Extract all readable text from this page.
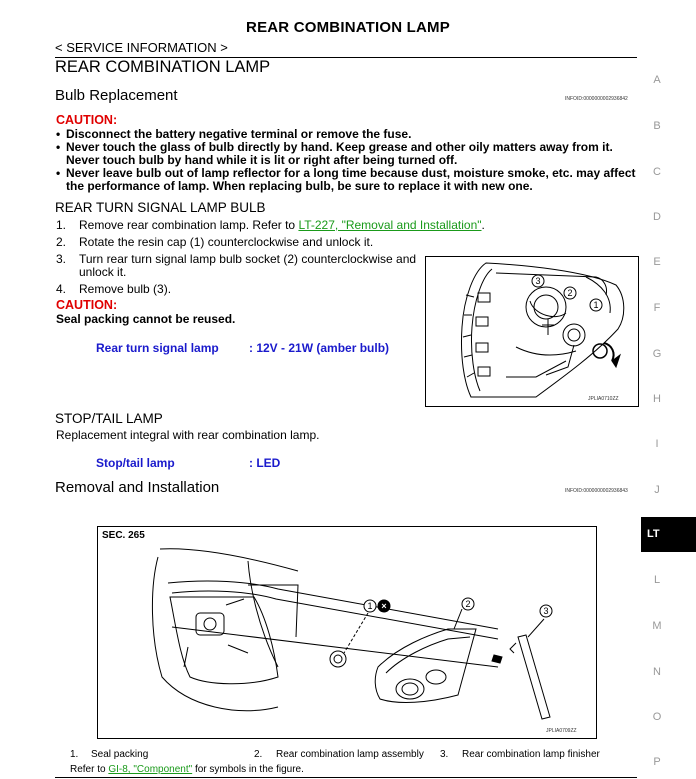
REAR COMBINATION LAMP
< SERVICE INFORMATION >
REAR COMBINATION LAMP
Bulb Replacement	INFOID:0000000002936842
CAUTION:
• Disconnect the battery negative terminal or remove the fuse.
• Never touch the glass of bulb directly by hand. Keep grease and other oily matters away from it.
Never touch bulb by hand while it is lit or right after being turned off.
• Never leave bulb out of lamp reflector for a long time because dust, moisture smoke, etc. may affect
the performance of lamp. When replacing bulb, be sure to replace it with new one.
REAR TURN SIGNAL LAMP BULB
1. Remove rear combination lamp. Refer to LT-227, "Removal and Installation".
2. Rotate the resin cap (1) counterclockwise and unlock it.
3. Turn rear turn signal lamp bulb socket (2) counterclockwise and
unlock it.
4. Remove bulb (3).
CAUTION:
Seal packing cannot be reused.
Rear turn signal lamp	: 12V - 21W (amber bulb)
3
2
1
JPLIA0710ZZ
STOP/TAIL LAMP
Replacement integral with rear combination lamp.
Stop/tail lamp	: LED
Removal and Installation	INFOID:0000000002936843
SEC. 265
1 ×	2
3
JPLIA0709ZZ
1. Seal packing	2. Rear combination lamp assembly 3. Rear combination lamp finisher
Refer to GI-8, "Component" for symbols in the figure.
A
B
C
D
E
F
G
H
I
J
LT
L
M
N
O
P
